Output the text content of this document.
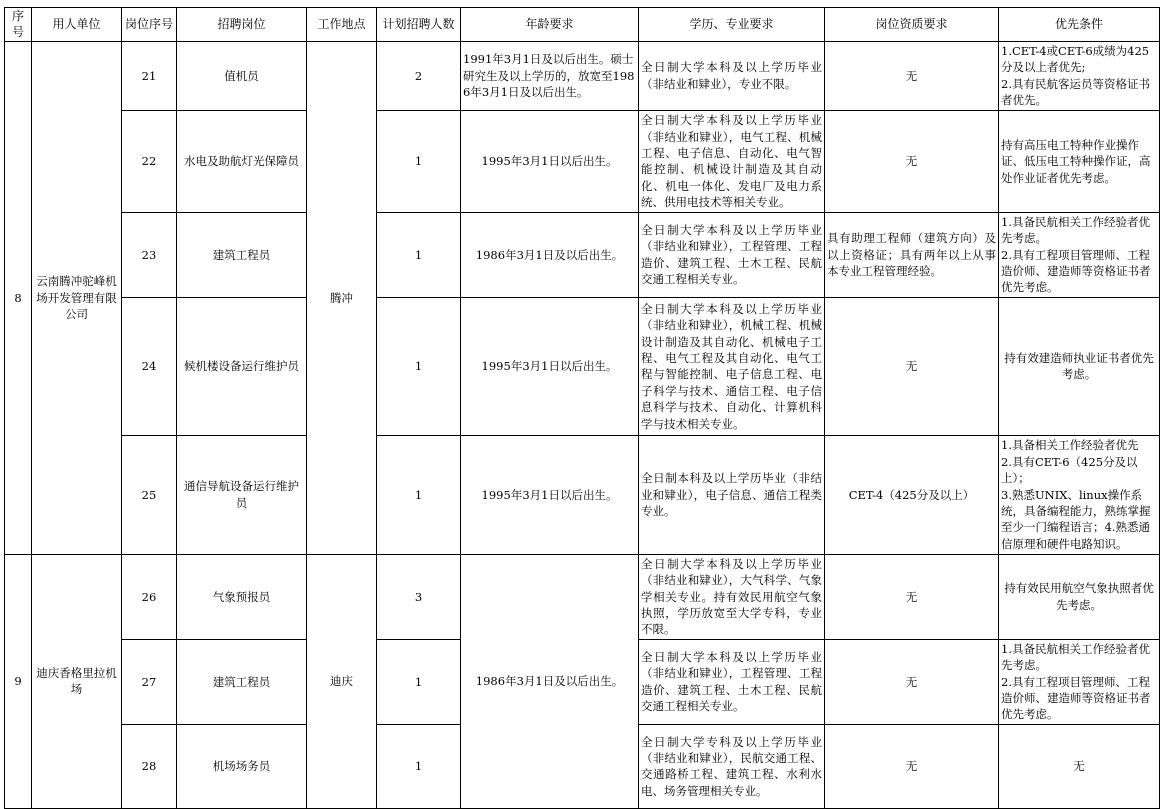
序号	用人单位	岗位序号	招聘岗位	工作地点	计划招聘人数	年龄要求	学历、专业要求	岗位资质要求	优先条件
8	云南腾冲驼峰机场开发管理有限公司	21	值机员	腾冲	2	1991年3月1日及以后出生。硕士研究生及以上学历的，放宽至1986年3月1日及以后出生。	全日制大学本科及以上学历毕业（非结业和肄业），专业不限。	无	1.CET-4或CET-6成绩为425分及以上者优先;
2.具有民航客运员等资格证书者优先。
		22	水电及助航灯光保障员		1	1995年3月1日以后出生。	全日制大学本科及以上学历毕业（非结业和肄业），电气工程、机械工程、电子信息、自动化、电气智能控制、机械设计制造及其自动化、机电一体化、发电厂及电力系统、供用电技术等相关专业。	无	持有高压电工特种作业操作证、低压电工特种操作证，高处作业证者优先考虑。
		23	建筑工程员		1	1986年3月1日及以后出生。	全日制大学本科及以上学历毕业（非结业和肄业），工程管理、工程造价、建筑工程、土木工程、民航交通工程相关专业。	具有助理工程师（建筑方向）及以上资格证；具有两年以上从事本专业工程管理经验。	1.具备民航相关工作经验者优先考虑。
2.具有工程项目管理师、工程造价师、建造师等资格证书者优先考虑。
		24	候机楼设备运行维护员		1	1995年3月1日以后出生。	全日制大学本科及以上学历毕业（非结业和肄业），机械工程、机械设计制造及其自动化、机械电子工程、电气工程及其自动化、电气工程与智能控制、电子信息工程、电子科学与技术、通信工程、电子信息科学与技术、自动化、计算机科学与技术相关专业。	无	持有效建造师执业证书者优先考虑。
		25	通信导航设备运行维护员		1	1995年3月1日以后出生。	全日制本科及以上学历毕业（非结业和肄业），电子信息、通信工程类专业。	CET-4（425分及以上）	1.具备相关工作经验者优先
2.具有CET-6（425分及以上）；
3.熟悉UNIX、linux操作系统，具备编程能力，熟练掌握至少一门编程语言；4.熟悉通信原理和硬件电路知识。
9	迪庆香格里拉机场	26	气象预报员	迪庆	3	1986年3月1日及以后出生。	全日制大学本科及以上学历毕业（非结业和肄业），大气科学、气象学相关专业。持有效民用航空气象执照，学历放宽至大学专科，专业不限。	无	持有效民用航空气象执照者优先考虑。
		27	建筑工程员		1		全日制大学本科及以上学历毕业（非结业和肄业），工程管理、工程造价、建筑工程、土木工程、民航交通工程相关专业。	无	1.具备民航相关工作经验者优先考虑。
2.具有工程项目管理师、工程造价师、建造师等资格证书者优先考虑。
		28	机场场务员		1		全日制大学专科及以上学历毕业（非结业和肄业），民航交通工程、交通路桥工程、建筑工程、水利水电、场务管理相关专业。	无	无
